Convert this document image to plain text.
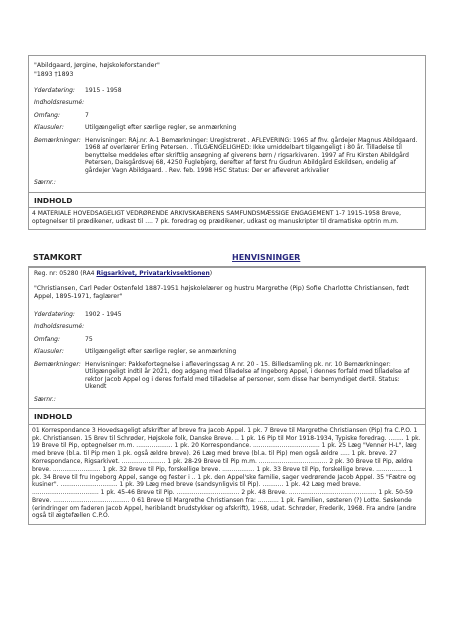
"Abildgaard, Jørgine, højskoleforstander"
"1893 †1893
Yderdatering:	1915 - 1958
Indholdsresumé:
Omfang:	7
Klausuler:	Utilgængeligt efter særlige regler, se anmærkning
Bemærkninger: Henvisninger: RAj.nr. A-1 Bemærkninger: Uregistreret . AFLEVERING: 1965 af fhv. gårdejer Magnus Abildgaard. 1968 af overlærer Erling Petersen. . TILGÆNGELIGHED: Ikke umiddelbart tilgængeligt i 80 år. Tilladelse til benyttelse meddeles efter skriftlig ansøgning af giverens børn / rigsarkivaren. 1997 af Fru Kirsten Abildgård Petersen, Daisgårdsvej 68, 4250 Fuglebjerg, derefter af først fru Gudrun Abildgård Eskildsen, endelig af gårdejer Vagn Abildgaard. . Rev. feb. 1998 HSC Status: Der er afleveret arkivalier
Særnr.:
INDHOLD
4 MATERIALE HOVEDSAGELIGT VEDRØRENDE ARKIVSKABERENS SAMFUNDSMÆSSIGE ENGAGEMENT 1-7 1915-1958 Breve, optegnelser til prædikener, udkast til .... 7 pk. foredrag og prædikener, udkast og manuskripter til dramatiske optrin m.m.
STAMKORT	HENVISNINGER
Reg. nr: 05280 (RA4 Rigsarkivet, Privatarkivsektionen)
"Christiansen, Carl Peder Ostenfeld 1887-1951 højskolelærer og hustru Margrethe (Pip) Sofie Charlotte Christiansen, født Appel, 1895-1971, faglærer"
Yderdatering:	1902 - 1945
Indholdsresumé:
Omfang:	75
Klausuler:	Utilgængeligt efter særlige regler, se anmærkning
Bemærkninger: Henvisninger: Pakkefortegnelse i afleveringssag A nr. 20 - 15. Billedsamling pk. nr. 10 Bemærkninger: Utilgængeligt indtil år 2021, dog adgang med tilladelse af Ingeborg Appel, i dennes forfald med tilladelse af rektor Jacob Appel og i deres forfald med tilladelse af personer, som disse har bemyndiget dertil. Status: Ukendt
Særnr.:
INDHOLD
01 Korrespondance 3 Hovedsageligt afskrifter af breve fra Jacob Appel. 1 pk. 7 Breve til Margrethe Christiansen (Pip) fra C.P.O. 1 pk. Christiansen. 15 Brev til Schrøder, Højskole folk, Danske Breve. .. 1 pk. 16 Pip til Mor 1918-1934, Typiske foredrag. ........ 1 pk. 19 Breve til Pip, optegnelser m.m. ................... 1 pk. 20 Korrespondance. ................................... 1 pk. 25 Læg "Venner H-L", læg med breve (bl.a. til Pip men 1 pk. også ældre breve). 26 Læg med breve (bl.a. til Pip) men også ældre ..... 1 pk. breve. 27 Korrespondance, Rigsarkivet. ....................... 1 pk. 28-29 Breve til Pip m.m. .................................... 2 pk. 30 Breve til Pip, ældre breve. ......................... 1 pk. 32 Breve til Pip, forskellige breve. ................. 1 pk. 33 Breve til Pip, forskellige breve. ................ 1 pk. 34 Breve til fru Ingeborg Appel, sange og fester i .. 1 pk. den Appel'ske familie, sager vedrørende Jacob Appel. 35 "Fætre og kusiner". .............................. 1 pk. 39 Læg med breve (sandsynligvis til Pip). ........... 1 pk. 42 Læg med breve. ................................... 1 pk. 45-46 Breve til Pip. ................................. 2 pk. 48 Breve. .............................................. 1 pk. 50-59 Breve. ........................................ 0 61 Breve til Margrethe Christiansen fra: ........... 1 pk. Familien, søsteren (?) Lotte. Søskende (erindringer om faderen Jacob Appel, heriblandt brudstykker og afskrift), 1968, udat. Schrøder, Frederik, 1968. Fra andre (andre også til ægtefællen C.P.O.
